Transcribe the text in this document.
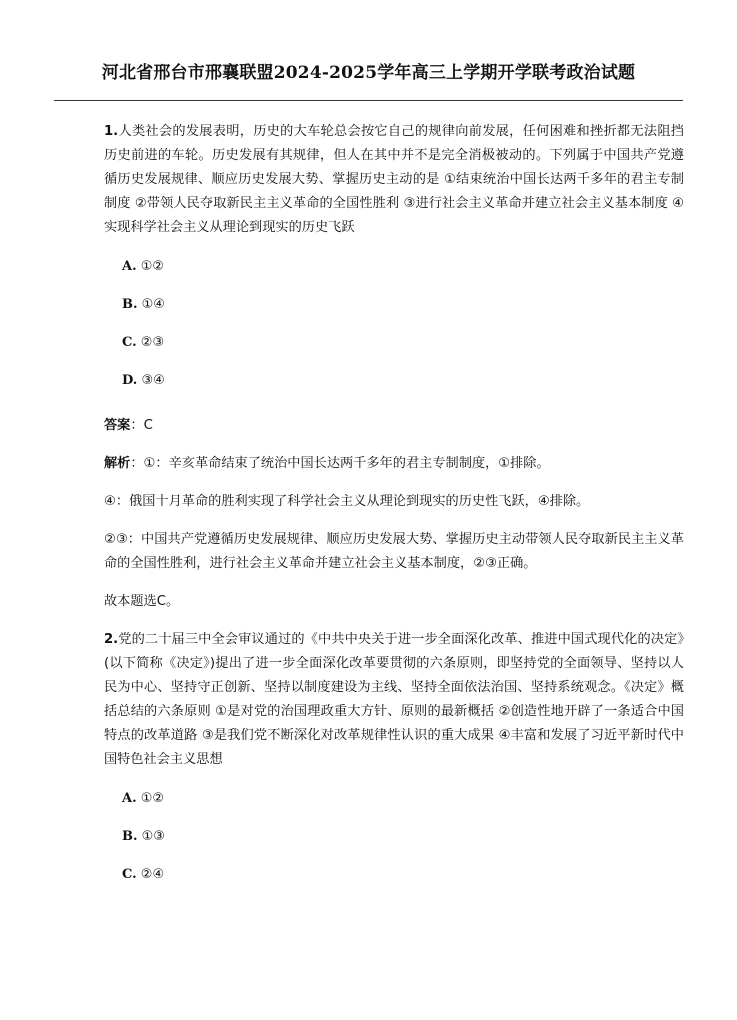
河北省邢台市邢襄联盟2024-2025学年高三上学期开学联考政治试题

1.人类社会的发展表明，历史的大车轮总会按它自己的规律向前发展，任何困难和挫折都无法阻挡历史前进的车轮。历史发展有其规律，但人在其中并不是完全消极被动的。下列属于中国共产党遵循历史发展规律、顺应历史发展大势、掌握历史主动的是 ①结束统治中国长达两千多年的君主专制制度 ②带领人民夺取新民主主义革命的全国性胜利 ③进行社会主义革命并建立社会主义基本制度 ④实现科学社会主义从理论到现实的历史飞跃

A. ①②

B. ①④

C. ②③

D. ③④

答案：C

解析：①：辛亥革命结束了统治中国长达两千多年的君主专制制度，①排除。

④：俄国十月革命的胜利实现了科学社会主义从理论到现实的历史性飞跃，④排除。

②③：中国共产党遵循历史发展规律、顺应历史发展大势、掌握历史主动带领人民夺取新民主主义革命的全国性胜利，进行社会主义革命并建立社会主义基本制度，②③正确。

故本题选C。

2.党的二十届三中全会审议通过的《中共中央关于进一步全面深化改革、推进中国式现代化的决定》(以下简称《决定》)提出了进一步全面深化改革要贯彻的六条原则，即坚持党的全面领导、坚持以人民为中心、坚持守正创新、坚持以制度建设为主线、坚持全面依法治国、坚持系统观念。《决定》概括总结的六条原则 ①是对党的治国理政重大方针、原则的最新概括 ②创造性地开辟了一条适合中国特点的改革道路 ③是我们党不断深化对改革规律性认识的重大成果 ④丰富和发展了习近平新时代中国特色社会主义思想

A. ①②

B. ①③

C. ②④
